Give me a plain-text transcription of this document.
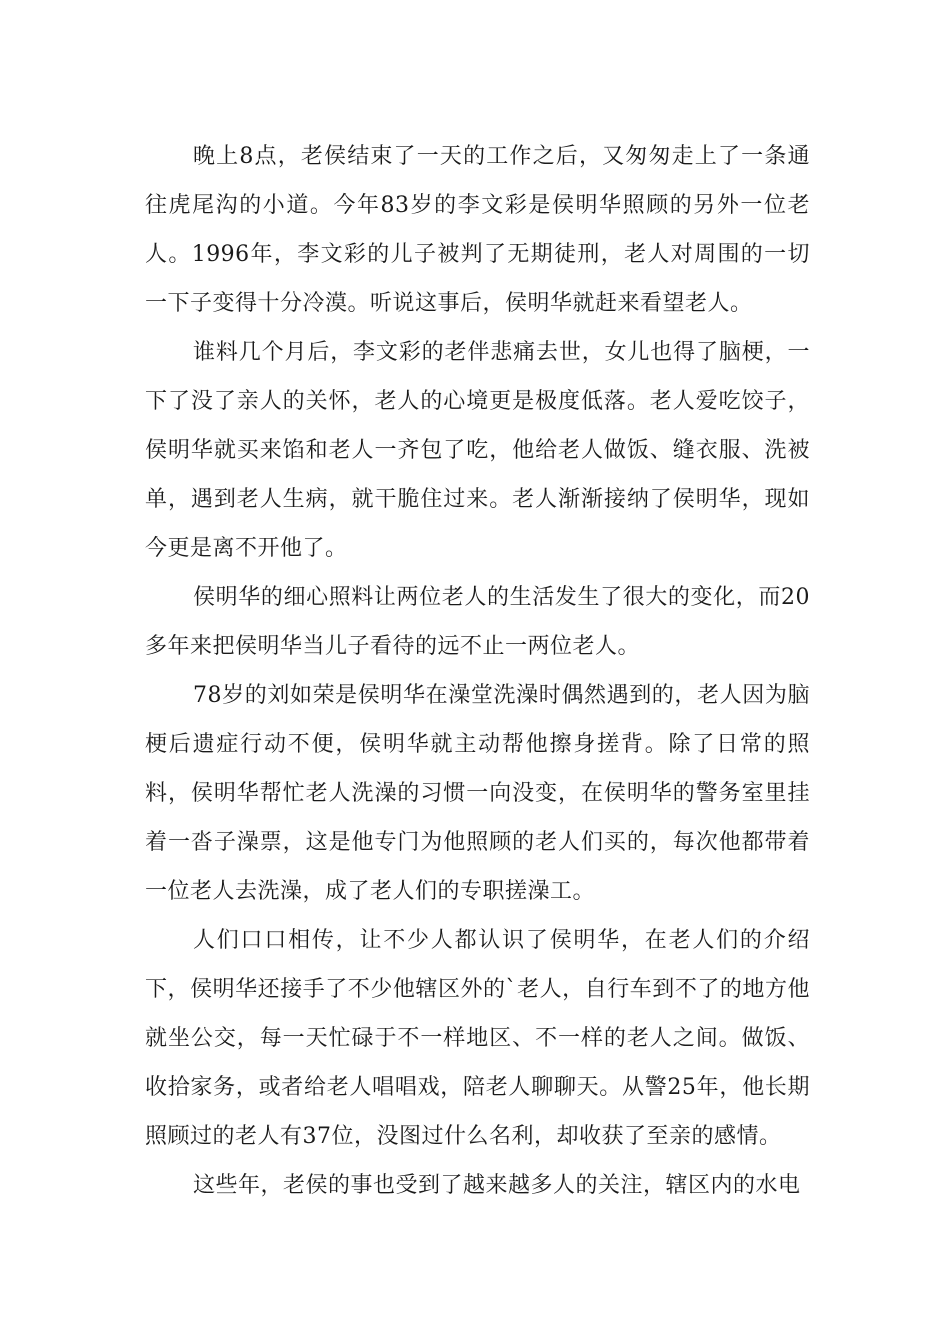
晚上8点，老侯结束了一天的工作之后，又匆匆走上了一条通往虎尾沟的小道。今年83岁的李文彩是侯明华照顾的另外一位老人。1996年，李文彩的儿子被判了无期徒刑，老人对周围的一切一下子变得十分冷漠。听说这事后，侯明华就赶来看望老人。

谁料几个月后，李文彩的老伴悲痛去世，女儿也得了脑梗，一下了没了亲人的关怀，老人的心境更是极度低落。老人爱吃饺子，侯明华就买来馅和老人一齐包了吃，他给老人做饭、缝衣服、洗被单，遇到老人生病，就干脆住过来。老人渐渐接纳了侯明华，现如今更是离不开他了。

侯明华的细心照料让两位老人的生活发生了很大的变化，而20多年来把侯明华当儿子看待的远不止一两位老人。

78岁的刘如荣是侯明华在澡堂洗澡时偶然遇到的，老人因为脑梗后遗症行动不便，侯明华就主动帮他擦身搓背。除了日常的照料，侯明华帮忙老人洗澡的习惯一向没变，在侯明华的警务室里挂着一沓子澡票，这是他专门为他照顾的老人们买的，每次他都带着一位老人去洗澡，成了老人们的专职搓澡工。

人们口口相传，让不少人都认识了侯明华，在老人们的介绍下，侯明华还接手了不少他辖区外的`老人，自行车到不了的地方他就坐公交，每一天忙碌于不一样地区、不一样的老人之间。做饭、收拾家务，或者给老人唱唱戏，陪老人聊聊天。从警25年，他长期照顾过的老人有37位，没图过什么名利，却收获了至亲的感情。

这些年，老侯的事也受到了越来越多人的关注，辖区内的水电
